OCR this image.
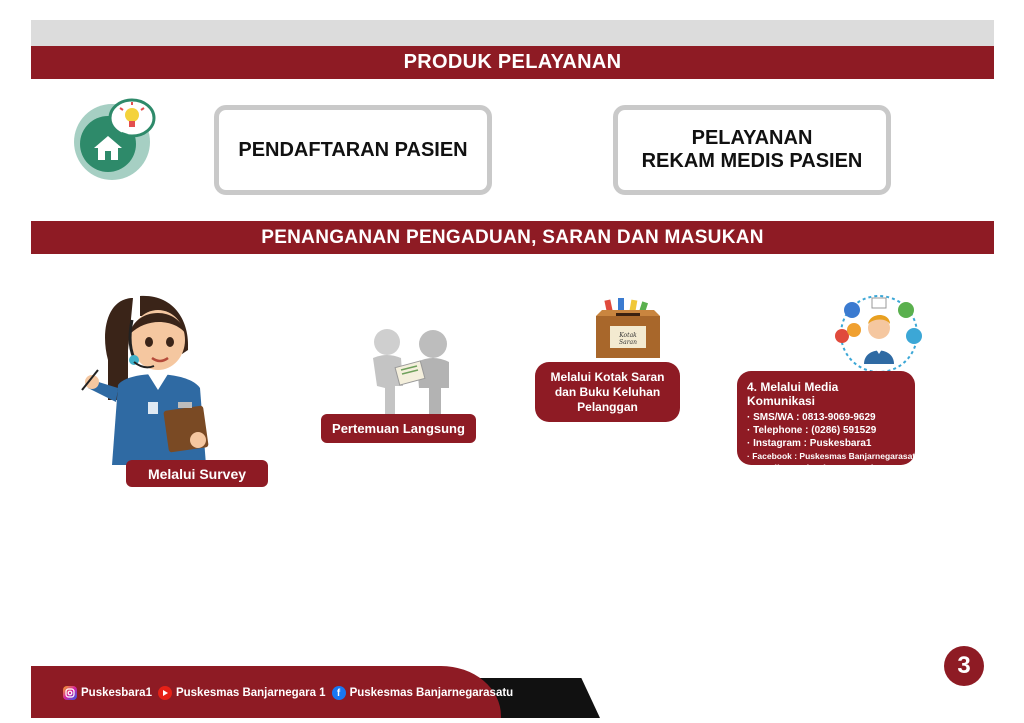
PRODUK PELAYANAN
PENDAFTARAN PASIEN
PELAYANAN
REKAM MEDIS PASIEN
PENANGANAN PENGADUAN, SARAN DAN MASUKAN
Melalui Survey
Pertemuan Langsung
Kotak Saran
Melalui Kotak Saran
dan Buku Keluhan
Pelanggan
4. Melalui Media Komunikasi
· SMS/WA : 0813-9069-9629
· Telephone : (0286) 591529
· Instagram : Puskesbara1
· Facebook : Puskesmas Banjarnegarasatu
· Email : puskesbara1@yahoo.co.id
Puskesbara1 Puskesmas Banjarnegara 1	f Puskesmas Banjarnegarasatu
3
